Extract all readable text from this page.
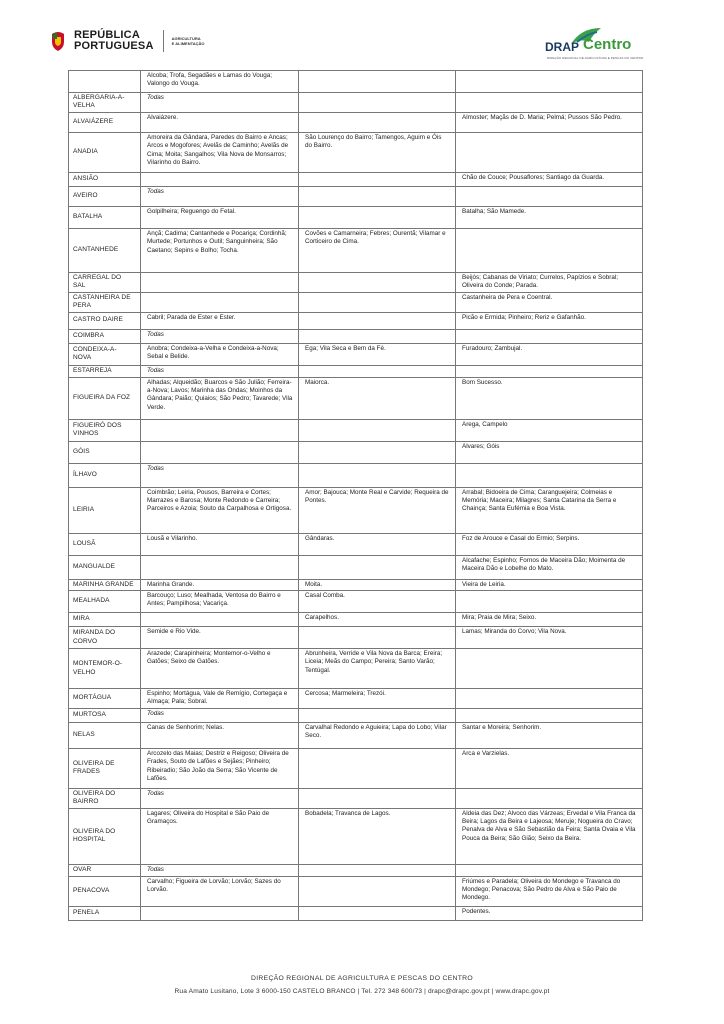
REPÚBLICA
PORTUGUESA
AGRICULTURA
E ALIMENTAÇÃO	DRAP Centro
DIREÇÃO REGIONAL DE AGRICULTURA E PESCAS DO CENTRO
	Alcoba; Trofa, Segadães e Lamas do Vouga; Valongo do Vouga.		
ALBERGARIA-A-VELHA	Todas		
ALVAIÁZERE	Alvaiázere.		Almoster; Maçãs de D. Maria; Pelmá; Pussos São Pedro.
ANADIA	Amoreira da Gândara, Paredes do Bairro e Ancas; Arcos e Mogofores; Avelãs de Caminho; Avelãs de Cima; Moita; Sangalhos; Vila Nova de Monsarros; Vilarinho do Bairro.	São Lourenço do Bairro; Tamengos, Aguim e Óis do Bairro.	
ANSIÃO			Chão de Couce; Pousaflores; Santiago da Guarda.
AVEIRO	Todas		
BATALHA	Golpilheira; Reguengo do Fetal.		Batalha; São Mamede.
CANTANHEDE	Ançã; Cadima; Cantanhede e Pocariça; Cordinhã; Murtede; Portunhos e Outil; Sanguinheira; São Caetano; Sepins e Bolho; Tocha.	Covões e Camarneira; Febres; Ourentã; Vilamar e Corticeiro de Cima.	
CARREGAL DO SAL			Beijós; Cabanas de Viriato; Currelos, Papízios e Sobral; Oliveira do Conde; Parada.
CASTANHEIRA DE PERA			Castanheira de Pera e Coentral.
CASTRO DAIRE	Cabril; Parada de Ester e Ester.		Picão e Ermida; Pinheiro; Reriz e Gafanhão.
COIMBRA	Todas		
CONDEIXA-A-NOVA	Anobra; Condeixa-a-Velha e Condeixa-a-Nova; Sebal e Belide.	Ega; Vila Seca e Bem da Fé.	Furadouro; Zambujal.
ESTARREJA	Todas		
FIGUEIRA DA FOZ	Alhadas; Alqueidão; Buarcos e São Julião; Ferreira-a-Nova; Lavos; Marinha das Ondas; Moinhos da Gândara; Paião; Quiaios; São Pedro; Tavarede; Vila Verde.	Maiorca.	Bom Sucesso.
FIGUEIRÓ DOS VINHOS			Arega, Campelo
GÓIS			Alvares; Góis
ÍLHAVO	Todas		
LEIRIA	Coimbrão; Leiria, Pousos, Barreira e Cortes; Marrazes e Barosa; Monte Redondo e Carreira; Parceiros e Azoia; Souto da Carpalhosa e Ortigosa.	Amor; Bajouca; Monte Real e Carvide; Requeira de Pontes.	Arrabal; Bidoeira de Cima; Caranguejeira; Colmeias e Memória; Maceira; Milagres; Santa Catarina da Serra e Chainça; Santa Eufémia e Boa Vista.
LOUSÃ	Lousã e Vilarinho.	Gândaras.	Foz de Arouce e Casal do Ermio; Serpins.
MANGUALDE			Alcafache; Espinho; Fornos de Maceira Dão; Moimenta de Maceira Dão e Lobelhe do Mato.
MARINHA GRANDE	Marinha Grande.	Moita.	Vieira de Leiria.
MEALHADA	Barcouço; Luso; Mealhada, Ventosa do Bairro e Antes; Pampilhosa; Vacariça.	Casal Comba.	
MIRA		Carapelhos.	Mira; Praia de Mira; Seixo.
MIRANDA DO CORVO	Semide e Rio Vide.		Lamas; Miranda do Corvo; Vila Nova.
MONTEMOR-O-VELHO	Arazede; Carapinheira; Montemor-o-Velho e Gatões; Seixo de Gatões.	Abrunheira, Verride e Vila Nova da Barca; Ereira; Liceia; Meãs do Campo; Pereira; Santo Varão; Tentúgal.	
MORTÁGUA	Espinho; Mortágua, Vale de Remígio, Cortegaça e Almaça; Pala; Sobral.	Cercosa; Marmeleira; Trezói.	
MURTOSA	Todas		
NELAS	Canas de Senhorim; Nelas.	Carvalhal Redondo e Aguieira; Lapa do Lobo; Vilar Seco.	Santar e Moreira; Senhorim.
OLIVEIRA DE FRADES	Arcozelo das Maias; Destriz e Reigoso; Oliveira de Frades, Souto de Lafões e Sejães; Pinheiro; Ribeiradio; São João da Serra; São Vicente de Lafões.		Arca e Varzielas.
OLIVEIRA DO BAIRRO	Todas		
OLIVEIRA DO HOSPITAL	Lagares; Oliveira do Hospital e São Paio de Gramaços.	Bobadela; Travanca de Lagos.	Aldeia das Dez; Alvoco das Várzeas; Ervedal e Vila Franca da Beira; Lagos da Beira e Lajeosa; Meruje; Nogueira do Cravo; Penalva de Alva e São Sebastião da Feira; Santa Ovaia e Vila Pouca da Beira; São Gião; Seixo da Beira.
OVAR	Todas		
PENACOVA	Carvalho; Figueira de Lorvão; Lorvão; Sazes do Lorvão.		Friúmes e Paradela; Oliveira do Mondego e Travanca do Mondego; Penacova; São Pedro de Alva e São Paio de Mondego.
PENELA			Podentes.
DIREÇÃO REGIONAL DE AGRICULTURA E PESCAS DO CENTRO
Rua Amato Lusitano, Lote 3 6000-150 CASTELO BRANCO | Tel. 272 348 600/73 | drapc@drapc.gov.pt | www.drapc.gov.pt
